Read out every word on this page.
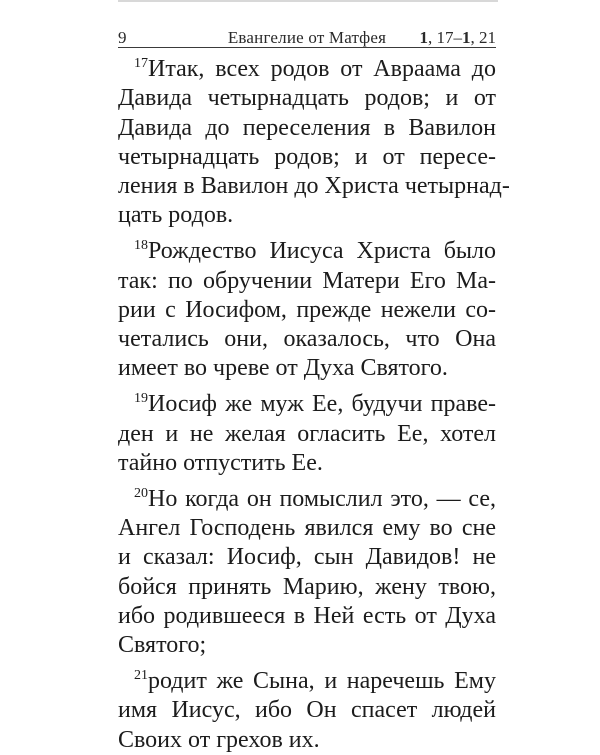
9	Евангелие от Матфея	1, 17–1, 21
$^{17}$Итак, всех родов от Авраама до
Давида четырнадцать родов; и от
Давида до переселения в Вавилон
четырнадцать родов; и от пересе-
ления в Вавилон до Христа четырнад-
цать родов.
$^{18}$Рождество Иисуса Христа было
так: по обручении Матери Его Ма-
рии с Иосифом, прежде нежели со-
четались они, оказалось, что Она
имеет во чреве от Духа Святого.
$^{19}$Иосиф же муж Ее, будучи праве-
ден и не желая огласить Ее, хотел
тайно отпустить Ее.
$^{20}$Но когда он помыслил это, — се,
Ангел Господень явился ему во сне
и сказал: Иосиф, сын Давидов! не
бойся принять Марию, жену твою,
ибо родившееся в Ней есть от Духа
Святого;
$^{21}$родит же Сына, и наречешь Ему
имя Иисус, ибо Он спасет людей
Своих от грехов их.
